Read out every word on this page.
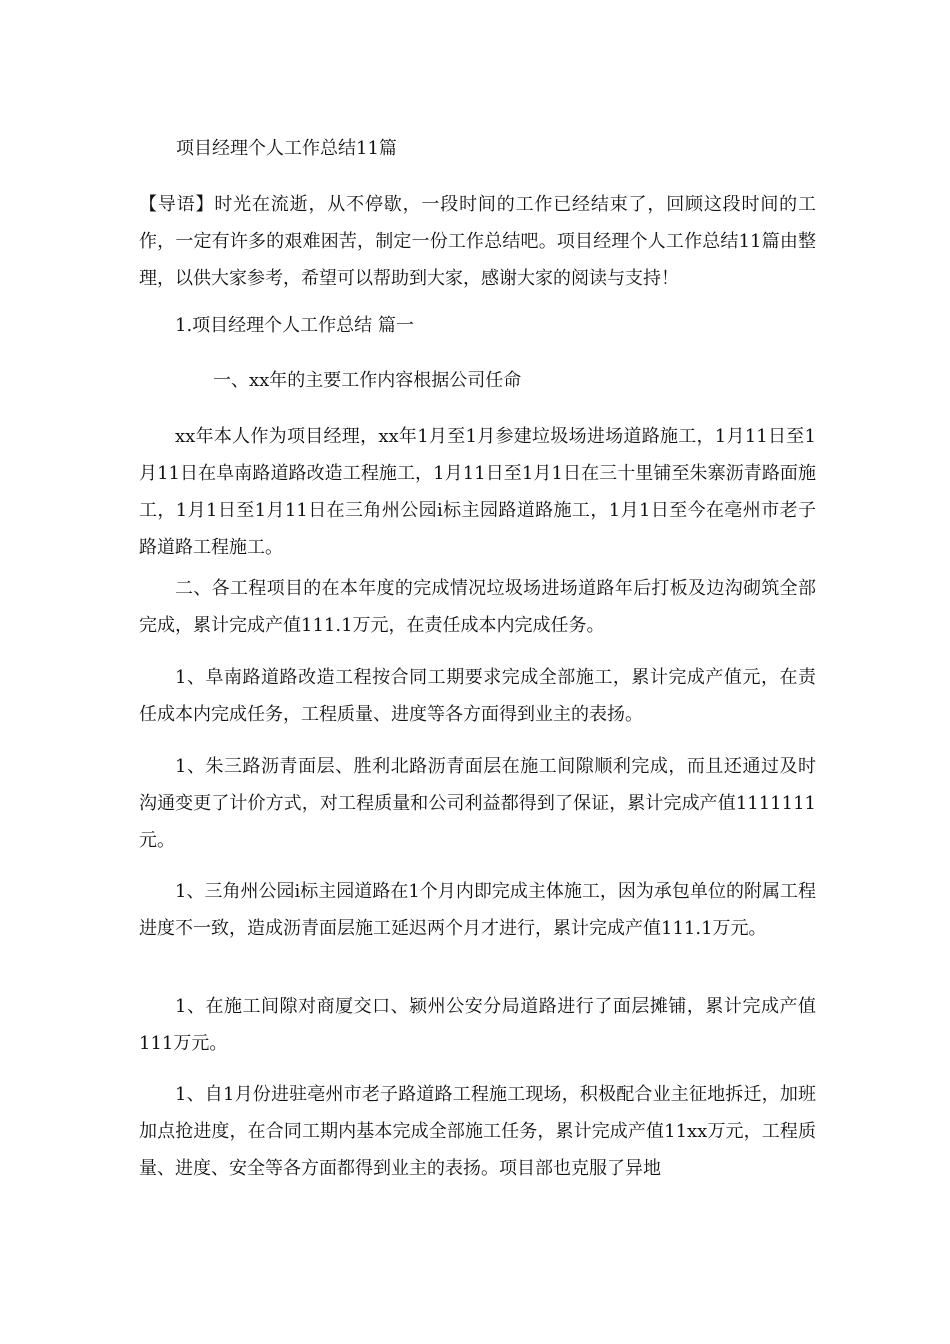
项目经理个人工作总结11篇

【导语】时光在流逝，从不停歇，一段时间的工作已经结束了，回顾这段时间的工作，一定有许多的艰难困苦，制定一份工作总结吧。项目经理个人工作总结11篇由整理，以供大家参考，希望可以帮助到大家，感谢大家的阅读与支持！

1.项目经理个人工作总结 篇一
一、xx年的主要工作内容根据公司任命

xx年本人作为项目经理，xx年1月至1月参建垃圾场进场道路施工，1月11日至1月11日在阜南路道路改造工程施工，1月11日至1月1日在三十里铺至朱寨沥青路面施工，1月1日至1月11日在三角州公园i标主园路道路施工，1月1日至今在亳州市老子路道路工程施工。

二、各工程项目的在本年度的完成情况垃圾场进场道路年后打板及边沟砌筑全部完成，累计完成产值111.1万元，在责任成本内完成任务。

1、阜南路道路改造工程按合同工期要求完成全部施工，累计完成产值元，在责任成本内完成任务，工程质量、进度等各方面得到业主的表扬。

1、朱三路沥青面层、胜利北路沥青面层在施工间隙顺利完成，而且还通过及时沟通变更了计价方式，对工程质量和公司利益都得到了保证，累计完成产值1111111元。

1、三角州公园i标主园道路在1个月内即完成主体施工，因为承包单位的附属工程进度不一致，造成沥青面层施工延迟两个月才进行，累计完成产值111.1万元。

1、在施工间隙对商厦交口、颍州公安分局道路进行了面层摊铺，累计完成产值111万元。

1、自1月份进驻亳州市老子路道路工程施工现场，积极配合业主征地拆迁，加班加点抢进度，在合同工期内基本完成全部施工任务，累计完成产值11xx万元，工程质量、进度、安全等各方面都得到业主的表扬。项目部也克服了异地
